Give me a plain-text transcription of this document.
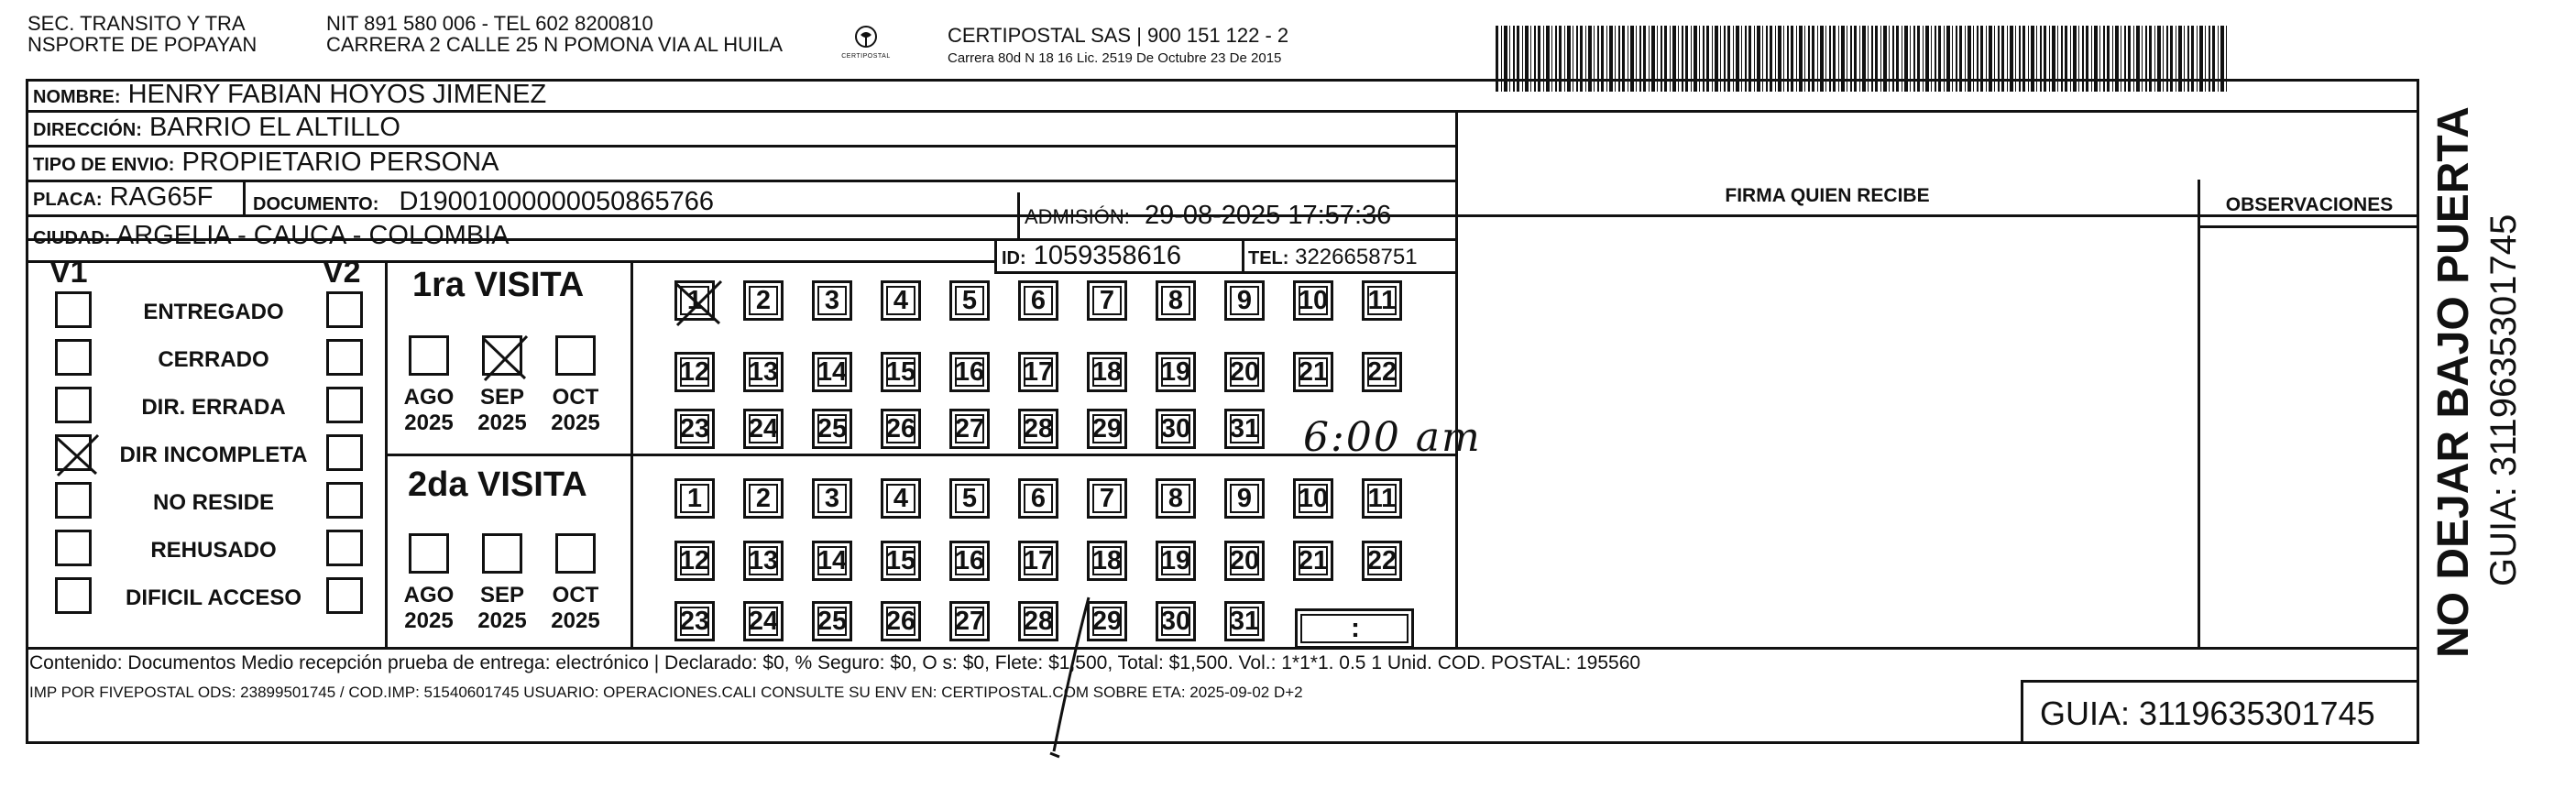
SEC. TRANSITO Y TRA
NSPORTE DE POPAYAN
NIT 891 580 006 - TEL 602 8200810
CARRERA 2 CALLE 25 N POMONA VIA AL HUILA
CERTIPOSTAL
CERTIPOSTAL SAS | 900 151 122 - 2
Carrera 80d N 18 16 Lic. 2519 De Octubre 23 De 2015
NOMBRE: HENRY FABIAN HOYOS JIMENEZ
DIRECCIÓN: BARRIO EL ALTILLO
TIPO DE ENVIO: PROPIETARIO PERSONA
PLACA: RAG65F DOCUMENTO: D19001000000050865766
ADMISIÓN: 29-08-2025 17:57:36
CIUDAD: ARGELIA - CAUCA - COLOMBIA
ID: 1059358616	TEL: 3226658751
FIRMA QUIEN RECIBE	OBSERVACIONES
V1	V2
ENTREGADO
CERRADO
DIR. ERRADA
DIR INCOMPLETA
NO RESIDE
REHUSADO
DIFICIL ACCESO
1ra VISITA
2da VISITA
AGO
2025
SEP
2025
OCT
2025
AGO
2025
SEP
2025
OCT
2025
1 2 3 4 5 6 7 8 9 10 11
12 13 14 15 16 17 18 19 20 21 22
23 24 25 26 27 28 29 30 31
1 2 3 4 5 6 7 8 9 10 11
12 13 14 15 16 17 18 19 20 21 22
23 24 25 26 27 28 29 30 31
6:00 am
:
Contenido: Documentos Medio recepción prueba de entrega: electrónico | Declarado: $0, % Seguro: $0, O s: $0, Flete: $1,500, Total: $1,500. Vol.: 1*1*1. 0.5 1 Unid. COD. POSTAL: 195560
IMP POR FIVEPOSTAL ODS: 23899501745 / COD.IMP: 51540601745 USUARIO: OPERACIONES.CALI CONSULTE SU ENV EN: CERTIPOSTAL.COM SOBRE ETA: 2025-09-02 D+2
GUIA: 3119635301745
NO DEJAR BAJO PUERTA GUIA: 3119635301745
